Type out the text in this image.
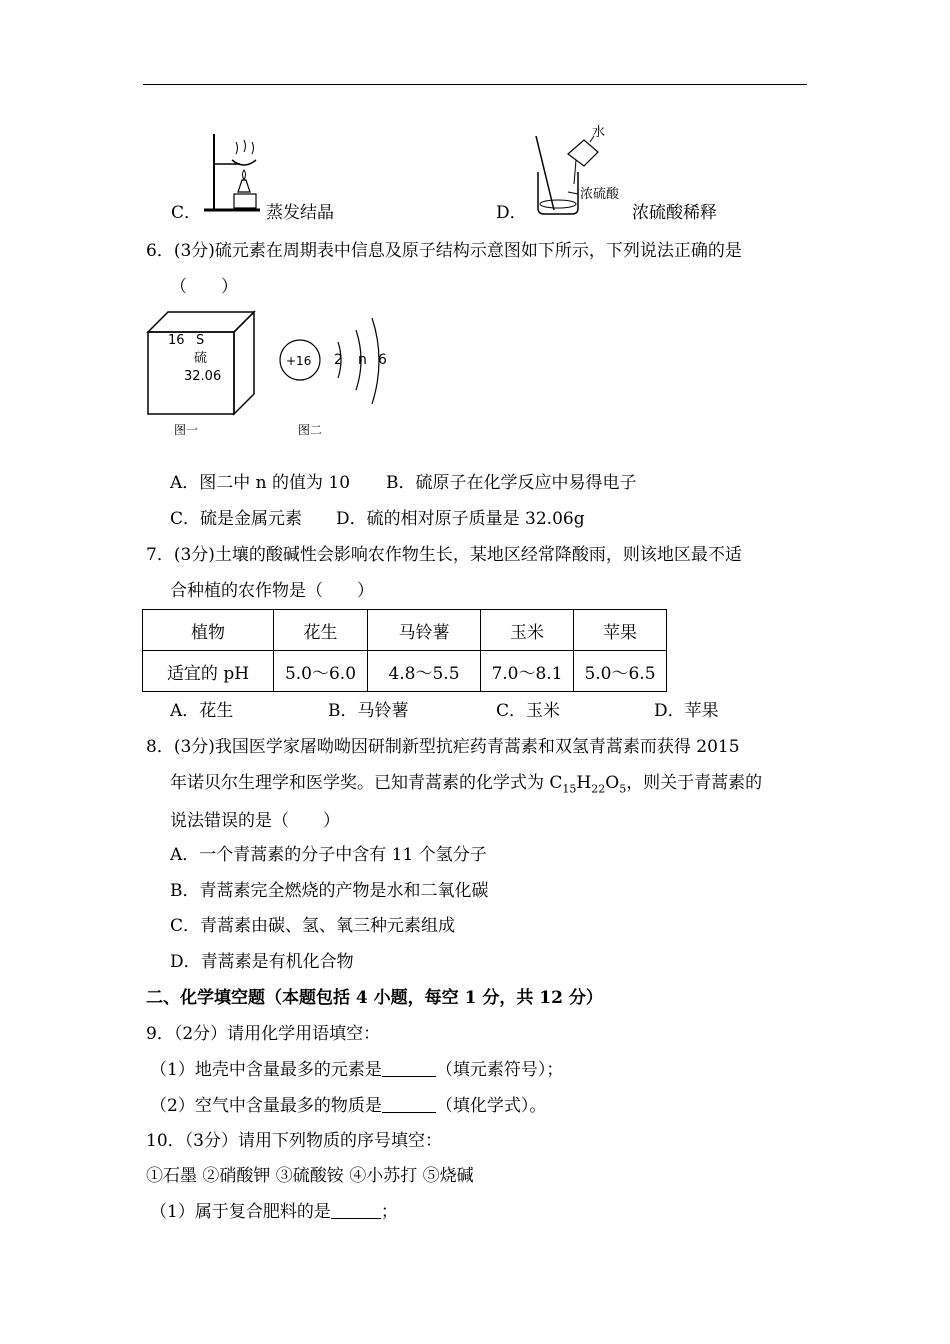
C．	蒸发结晶	D．
水
浓硫酸
浓硫酸稀释
6．(3分)硫元素在周期表中信息及原子结构示意图如下所示，下列说法正确的是
（　　）
16 S
硫
32.06
图一
+16 2 n 6
图二
A．图二中 n 的值为 10 B．硫原子在化学反应中易得电子
C．硫是金属元素 D．硫的相对原子质量是 32.06g
7．(3分)土壤的酸碱性会影响农作物生长，某地区经常降酸雨，则该地区最不适
合种植的农作物是（　　）
植物	花生	马铃薯	玉米	苹果
适宜的 pH	5.0～6.0	4.8～5.5	7.0～8.1	5.0～6.5
A．花生	B．马铃薯	C．玉米	D．苹果
8．(3分)我国医学家屠呦呦因研制新型抗疟药青蒿素和双氢青蒿素而获得 2015
年诺贝尔生理学和医学奖。已知青蒿素的化学式为 $C_{15}H_{22}O_5$，则关于青蒿素的
说法错误的是（　　）
A．一个青蒿素的分子中含有 11 个氢分子
B．青蒿素完全燃烧的产物是水和二氧化碳
C．青蒿素由碳、氢、氧三种元素组成
D．青蒿素是有机化合物
二、化学填空题（本题包括 4 小题，每空 1 分，共 12 分）
9．（2分）请用化学用语填空：
（1）地壳中含量最多的元素是	（填元素符号）；
（2）空气中含量最多的物质是	（填化学式）。
10．（3分）请用下列物质的序号填空：
①石墨 ②硝酸钾 ③硫酸铵 ④小苏打 ⑤烧碱
（1）属于复合肥料的是	；
